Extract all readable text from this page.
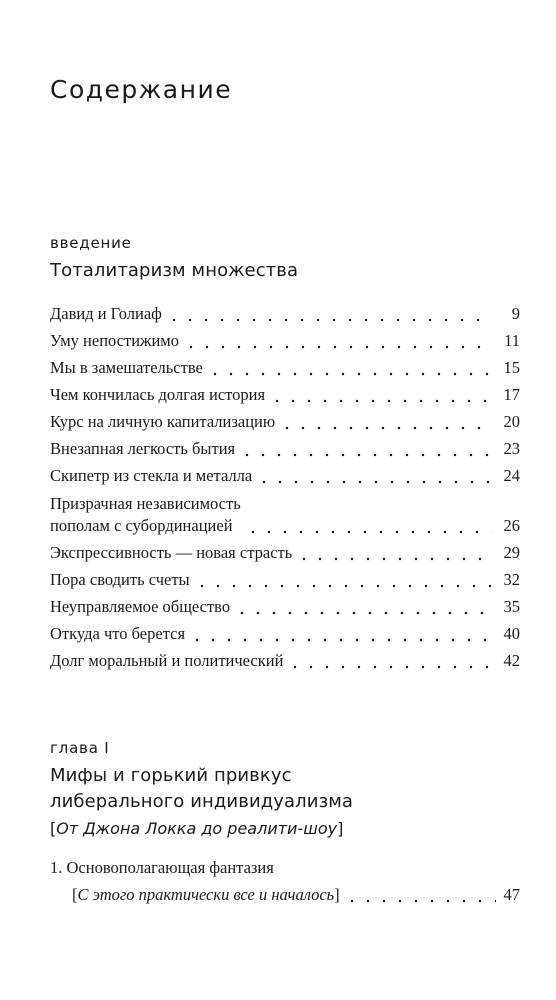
Содержание
введение
Тоталитаризм множества
Давид и Голиаф	9
Уму непостижимо	11
Мы в замешательстве	15
Чем кончилась долгая история	17
Курс на личную капитализацию	20
Внезапная легкость бытия	23
Скипетр из стекла и металла	24
Призрачная независимость
пополам с субординацией	26
Экспрессивность — новая страсть	29
Пора сводить счеты	32
Неуправляемое общество	35
Откуда что берется	40
Долг моральный и политический	42
глава I
Мифы и горький привкус
либерального индивидуализма
[От Джона Локка до реалити-шоу]
1. Основополагающая фантазия
[С этого практически все и началось]	47
